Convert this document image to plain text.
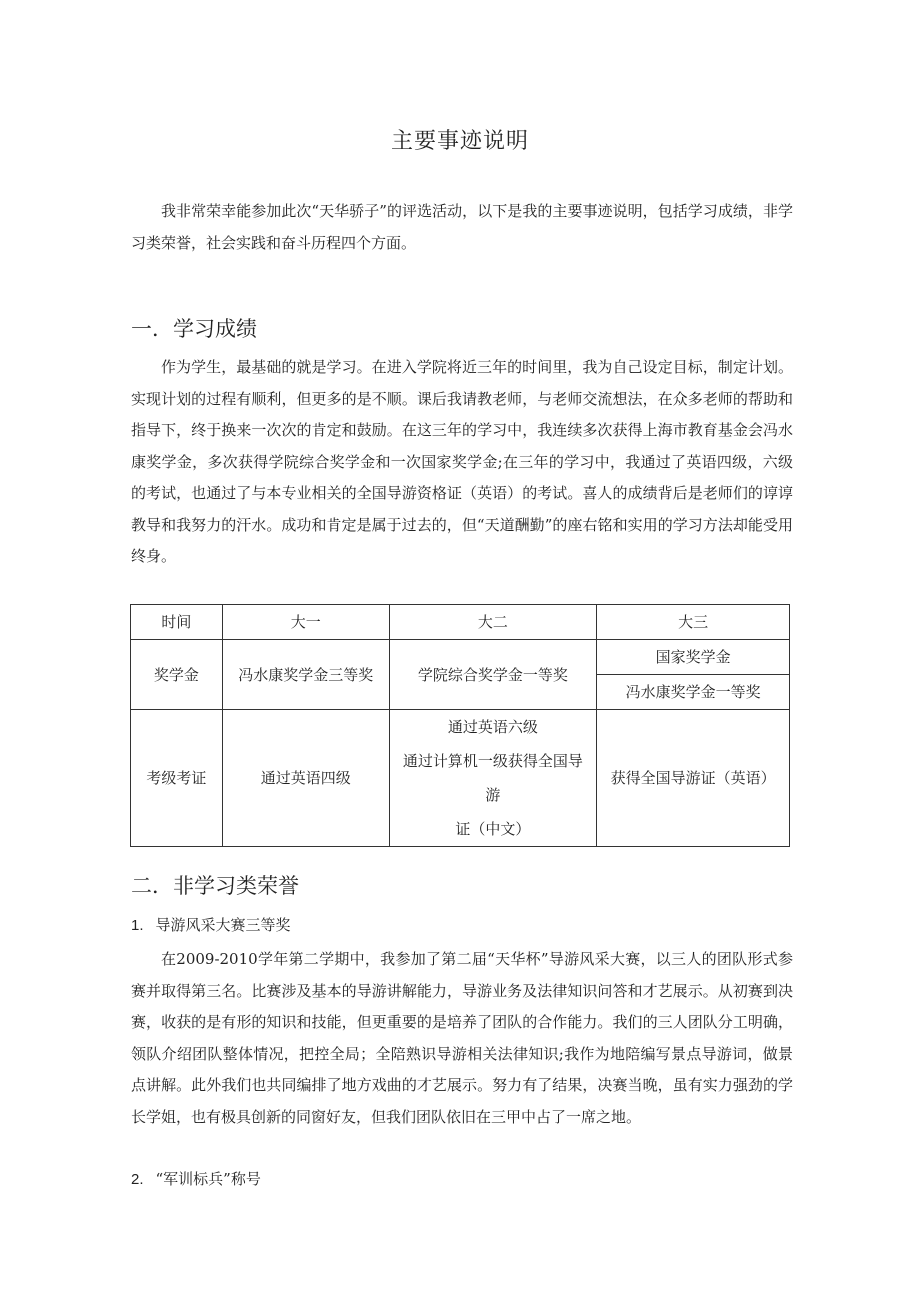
主要事迹说明

我非常荣幸能参加此次“天华骄子”的评选活动，以下是我的主要事迹说明，包括学习成绩，非学习类荣誉，社会实践和奋斗历程四个方面。

一．学习成绩

作为学生，最基础的就是学习。在进入学院将近三年的时间里，我为自己设定目标，制定计划。实现计划的过程有顺利，但更多的是不顺。课后我请教老师，与老师交流想法，在众多老师的帮助和指导下，终于换来一次次的肯定和鼓励。在这三年的学习中，我连续多次获得上海市教育基金会冯水康奖学金，多次获得学院综合奖学金和一次国家奖学金;在三年的学习中，我通过了英语四级，六级的考试，也通过了与本专业相关的全国导游资格证（英语）的考试。喜人的成绩背后是老师们的谆谆教导和我努力的汗水。成功和肯定是属于过去的，但“天道酬勤”的座右铭和实用的学习方法却能受用终身。

时间	大一	大二	大三
奖学金	冯水康奖学金三等奖	学院综合奖学金一等奖	国家奖学金
			冯水康奖学金一等奖
考级考证	通过英语四级	通过英语六级
通过计算机一级获得全国导游
证（中文）	获得全国导游证（英语）
二．非学习类荣誉
1. 导游风采大赛三等奖

在2009-2010学年第二学期中，我参加了第二届“天华杯”导游风采大赛，以三人的团队形式参赛并取得第三名。比赛涉及基本的导游讲解能力，导游业务及法律知识问答和才艺展示。从初赛到决赛，收获的是有形的知识和技能，但更重要的是培养了团队的合作能力。我们的三人团队分工明确，领队介绍团队整体情况，把控全局；全陪熟识导游相关法律知识;我作为地陪编写景点导游词，做景点讲解。此外我们也共同编排了地方戏曲的才艺展示。努力有了结果，决赛当晚，虽有实力强劲的学长学姐，也有极具创新的同窗好友，但我们团队依旧在三甲中占了一席之地。

2. “军训标兵”称号
